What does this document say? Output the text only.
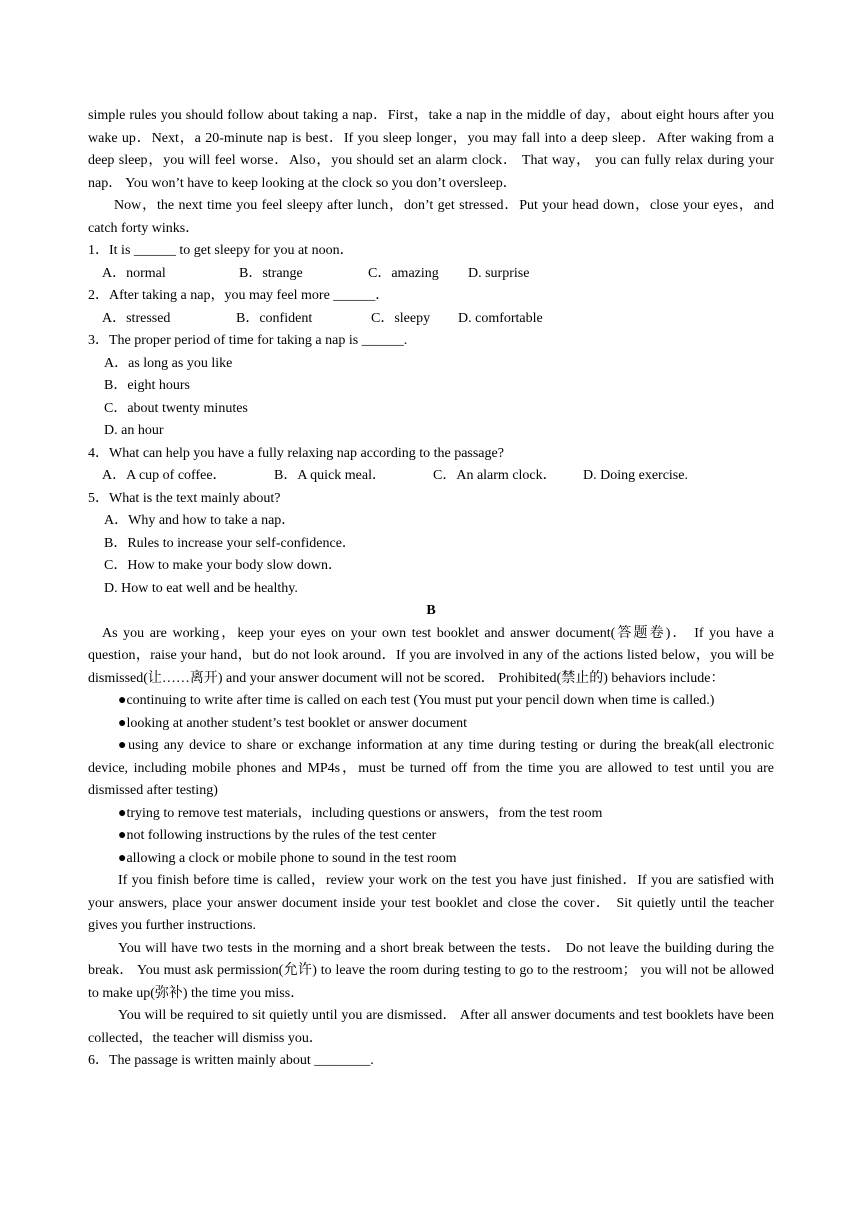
simple rules you should follow about taking a nap．First，take a nap in the middle of day，about eight hours after you wake up．Next，a 20-minute nap is best．If you sleep longer，you may fall into a deep sleep．After waking from a deep sleep，you will feel worse．Also，you should set an alarm clock． That way， you can fully relax during your nap． You won’t have to keep looking at the clock so you don’t oversleep．

Now，the next time you feel sleepy after lunch，don’t get stressed．Put your head down，close your eyes，and catch forty winks．

1．It is ______ to get sleepy for you at noon．

A．normal	B．strange	C．amazing	D. surprise

2．After taking a nap，you may feel more ______．

A．stressed	B．confident	C．sleepy	D. comfortable

3．The proper period of time for taking a nap is ______.

A．as long as you like

B．eight hours

C．about twenty minutes

D. an hour

4．What can help you have a fully relaxing nap according to the passage?

A．A cup of coffee．	B．A quick meal．	C．An alarm clock．	D. Doing exercise.

5．What is the text mainly about?

A．Why and how to take a nap．

B．Rules to increase your self-confidence．

C．How to make your body slow down．

D. How to eat well and be healthy.

B

As you are working，keep your eyes on your own test booklet and answer document(答题卷)． If you have a question，raise your hand，but do not look around．If you are involved in any of the actions listed below，you will be dismissed(让……离开) and your answer document will not be scored． Prohibited(禁止的) behaviors include：

●continuing to write after time is called on each test (You must put your pencil down when time is called.)

●looking at another student’s test booklet or answer document

●using any device to share or exchange information at any time during testing or during the break(all electronic device, including mobile phones and MP4s，must be turned off from the time you are allowed to test until you are dismissed after testing)

●trying to remove test materials，including questions or answers，from the test room

●not following instructions by the rules of the test center

●allowing a clock or mobile phone to sound in the test room

If you finish before time is called，review your work on the test you have just finished．If you are satisfied with your answers, place your answer document inside your test booklet and close the cover． Sit quietly until the teacher gives you further instructions.

You will have two tests in the morning and a short break between the tests． Do not leave the building during the break． You must ask permission(允许) to leave the room during testing to go to the restroom； you will not be allowed to make up(弥补) the time you miss．

You will be required to sit quietly until you are dismissed． After all answer documents and test booklets have been collected，the teacher will dismiss you．

6．The passage is written mainly about ________.
